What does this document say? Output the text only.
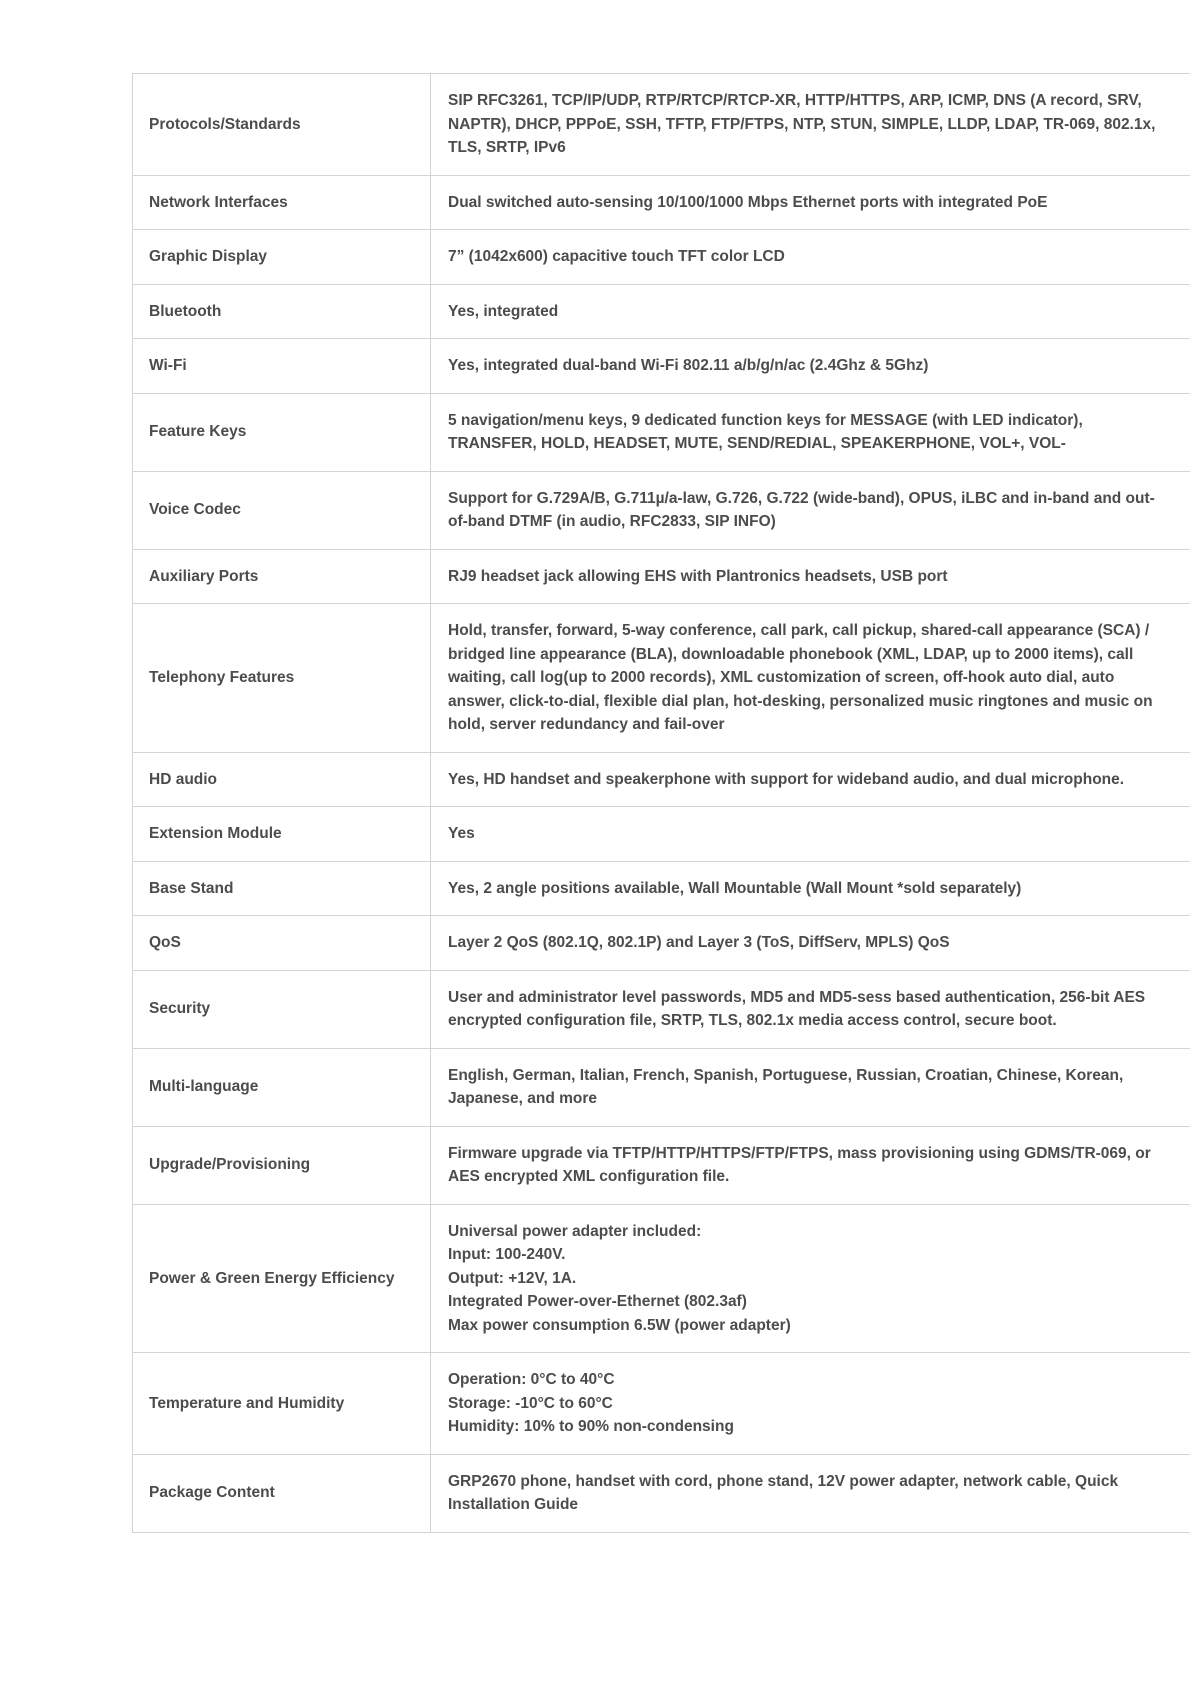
Protocols/Standards	SIP RFC3261, TCP/IP/UDP, RTP/RTCP/RTCP-XR, HTTP/HTTPS, ARP, ICMP, DNS (A record, SRV, NAPTR), DHCP, PPPoE, SSH, TFTP, FTP/FTPS, NTP, STUN, SIMPLE, LLDP, LDAP, TR-069, 802.1x, TLS, SRTP, IPv6
Network Interfaces	Dual switched auto-sensing 10/100/1000 Mbps Ethernet ports with integrated PoE
Graphic Display	7” (1042x600) capacitive touch TFT color LCD
Bluetooth	Yes, integrated
Wi-Fi	Yes, integrated dual-band Wi-Fi 802.11 a/b/g/n/ac (2.4Ghz & 5Ghz)
Feature Keys	5 navigation/menu keys, 9 dedicated function keys for MESSAGE (with LED indicator), TRANSFER, HOLD, HEADSET, MUTE, SEND/REDIAL, SPEAKERPHONE, VOL+, VOL-
Voice Codec	Support for G.729A/B, G.711µ/a-law, G.726, G.722 (wide-band), OPUS, iLBC and in-band and out-of-band DTMF (in audio, RFC2833, SIP INFO)
Auxiliary Ports	RJ9 headset jack allowing EHS with Plantronics headsets, USB port
Telephony Features	Hold, transfer, forward, 5-way conference, call park, call pickup, shared-call appearance (SCA) / bridged line appearance (BLA), downloadable phonebook (XML, LDAP, up to 2000 items), call waiting, call log(up to 2000 records), XML customization of screen, off-hook auto dial, auto answer, click-to-dial, flexible dial plan, hot-desking, personalized music ringtones and music on hold, server redundancy and fail-over
HD audio	Yes, HD handset and speakerphone with support for wideband audio, and dual microphone.
Extension Module	Yes
Base Stand	Yes, 2 angle positions available, Wall Mountable (Wall Mount *sold separately)
QoS	Layer 2 QoS (802.1Q, 802.1P) and Layer 3 (ToS, DiffServ, MPLS) QoS
Security	User and administrator level passwords, MD5 and MD5-sess based authentication, 256-bit AES encrypted configuration file, SRTP, TLS, 802.1x media access control, secure boot.
Multi-language	English, German, Italian, French, Spanish, Portuguese, Russian, Croatian, Chinese, Korean, Japanese, and more
Upgrade/Provisioning	Firmware upgrade via TFTP/HTTP/HTTPS/FTP/FTPS, mass provisioning using GDMS/TR-069, or AES encrypted XML configuration file.
Power & Green Energy Efficiency	Universal power adapter included:
Input: 100-240V.
Output: +12V, 1A.
Integrated Power-over-Ethernet (802.3af)
Max power consumption 6.5W (power adapter)
Temperature and Humidity	Operation: 0°C to 40°C
Storage: -10°C to 60°C
Humidity: 10% to 90% non-condensing
Package Content	GRP2670 phone, handset with cord, phone stand, 12V power adapter, network cable, Quick Installation Guide
